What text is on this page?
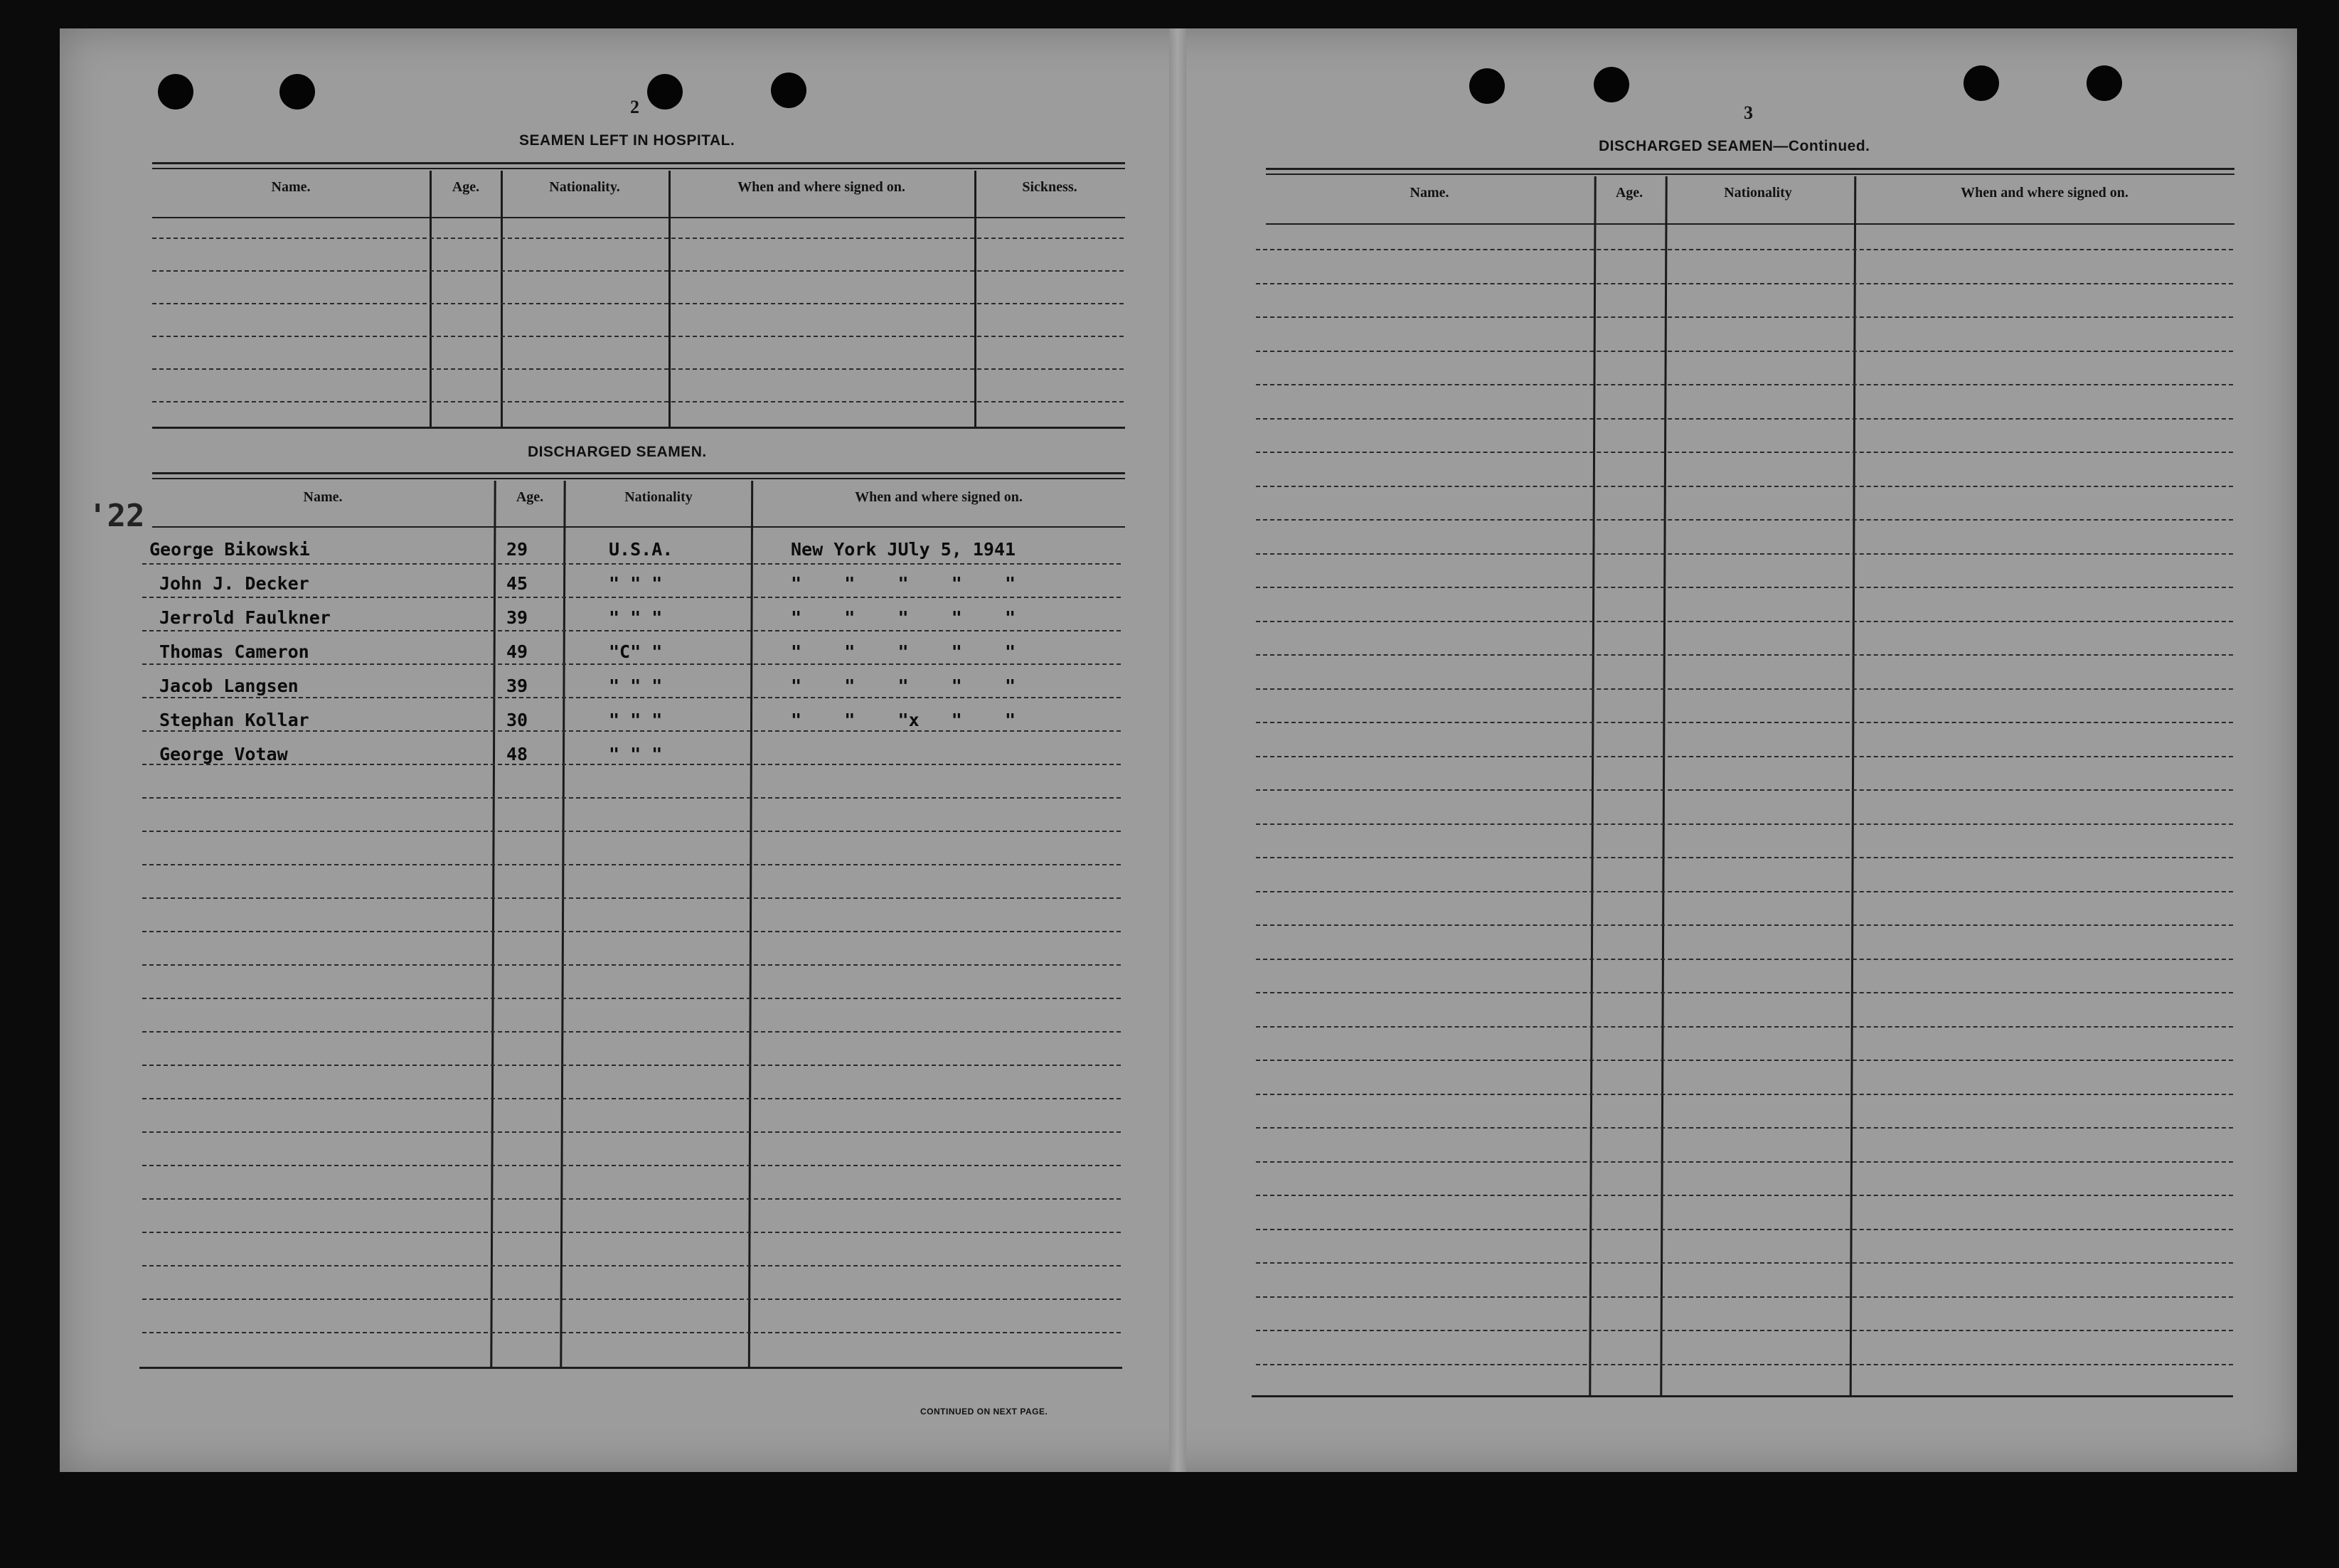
2
SEAMEN LEFT IN HOSPITAL.
Name.	Age.	Nationality.	When and where signed on.	Sickness.
DISCHARGED SEAMEN.
Name.	Age.	Nationality	When and where signed on.
George Bikowski	29	U.S.A.	New York JUly 5, 1941
John J. Decker	45	" " "	"    "    "    "    "
Jerrold Faulkner	39	" " "	"    "    "    "    "
Thomas Cameron	49	"C" "	"    "    "    "    "
Jacob Langsen	39	" " "	"    "    "    "    "
Stephan Kollar	30	" " "	"    "    "x   "    "
George Votaw	48	" " "
CONTINUED ON NEXT PAGE.
'22
3
DISCHARGED SEAMEN—Continued.
Name.	Age.	Nationality	When and where signed on.
